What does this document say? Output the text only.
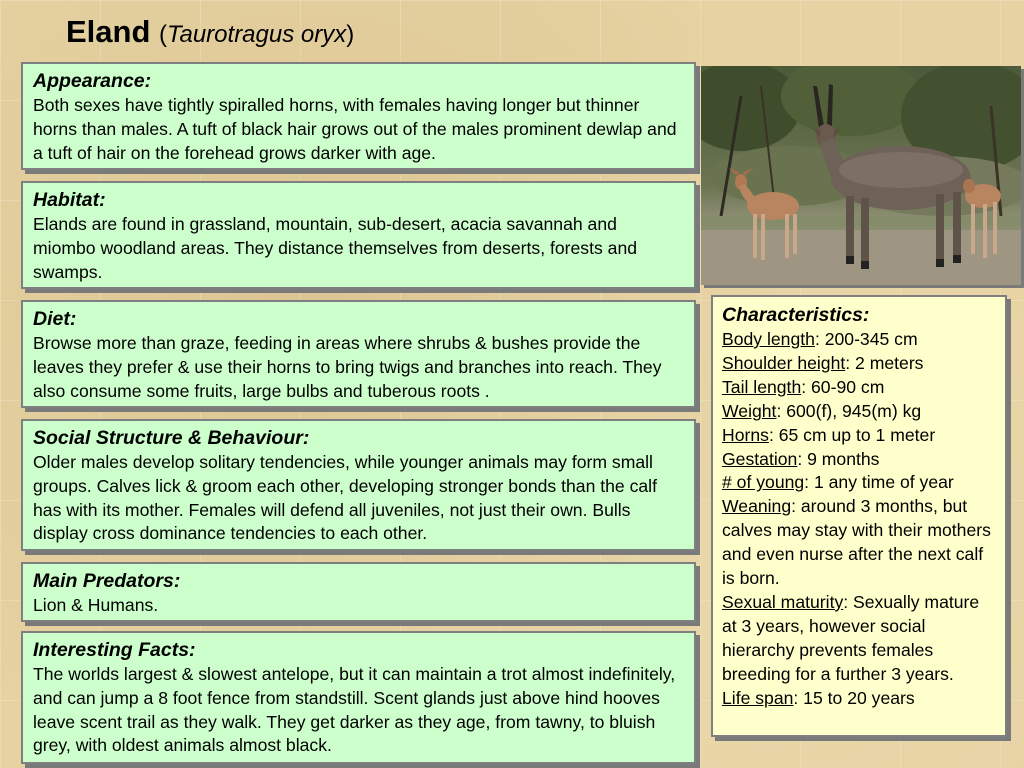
Eland (Taurotragus oryx)
Appearance:

Both sexes have tightly spiralled horns, with females having longer but thinner horns than males. A tuft of black hair grows out of the males prominent dewlap and a tuft of hair on the forehead grows darker with age.

Habitat:

Elands are found in grassland, mountain, sub-desert, acacia savannah and miombo woodland areas. They distance themselves from deserts, forests and swamps.

Diet:

Browse more than graze, feeding in areas where shrubs & bushes provide the leaves they prefer & use their horns to bring twigs and branches into reach. They also consume some fruits, large bulbs and tuberous roots .

Social Structure & Behaviour:

Older males develop solitary tendencies, while younger animals may form small groups. Calves lick & groom each other, developing stronger bonds than the calf has with its mother. Females will defend all juveniles, not just their own. Bulls display cross dominance tendencies to each other.

Main Predators:

Lion & Humans.

Interesting Facts:

The worlds largest & slowest antelope, but it can maintain a trot almost indefinitely, and can jump a 8 foot fence from standstill. Scent glands just above hind hooves leave scent trail as they walk. They get darker as they age, from tawny, to bluish grey, with oldest animals almost black.

Characteristics:
Body length: 200-345 cm
Shoulder height: 2 meters
Tail length: 60-90 cm
Weight: 600(f), 945(m) kg
Horns: 65 cm up to 1 meter
Gestation: 9 months
# of young: 1 any time of year
Weaning: around 3 months, but calves may stay with their mothers and even nurse after the next calf is born.
Sexual maturity: Sexually mature at 3 years, however social hierarchy prevents females breeding for a further 3 years.
Life span: 15 to 20 years
